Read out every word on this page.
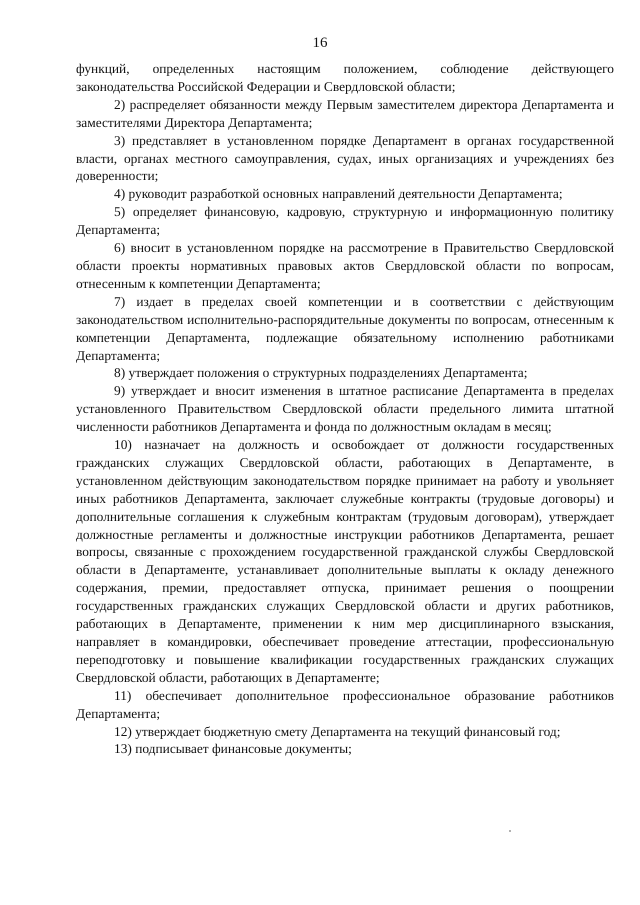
16

функций, определенных настоящим положением, соблюдение действующего законодательства Российской Федерации и Свердловской области;

2) распределяет обязанности между Первым заместителем директора Департамента и заместителями Директора Департамента;

3) представляет в установленном порядке Департамент в органах государственной власти, органах местного самоуправления, судах, иных организациях и учреждениях без доверенности;

4) руководит разработкой основных направлений деятельности Департамента;

5) определяет финансовую, кадровую, структурную и информационную политику Департамента;

6) вносит в установленном порядке на рассмотрение в Правительство Свердловской области проекты нормативных правовых актов Свердловской области по вопросам, отнесенным к компетенции Департамента;

7) издает в пределах своей компетенции и в соответствии с действующим законодательством исполнительно-распорядительные документы по вопросам, отнесенным к компетенции Департамента, подлежащие обязательному исполнению работниками Департамента;

8) утверждает положения о структурных подразделениях Департамента;

9) утверждает и вносит изменения в штатное расписание Департамента в пределах установленного Правительством Свердловской области предельного лимита штатной численности работников Департамента и фонда по должностным окладам в месяц;

10) назначает на должность и освобождает от должности государственных гражданских служащих Свердловской области, работающих в Департаменте, в установленном действующим законодательством порядке принимает на работу и увольняет иных работников Департамента, заключает служебные контракты (трудовые договоры) и дополнительные соглашения к служебным контрактам (трудовым договорам), утверждает должностные регламенты и должностные инструкции работников Департамента, решает вопросы, связанные с прохождением государственной гражданской службы Свердловской области в Департаменте, устанавливает дополнительные выплаты к окладу денежного содержания, премии, предоставляет отпуска, принимает решения о поощрении государственных гражданских служащих Свердловской области и других работников, работающих в Департаменте, применении к ним мер дисциплинарного взыскания, направляет в командировки, обеспечивает проведение аттестации, профессиональную переподготовку и повышение квалификации государственных гражданских служащих Свердловской области, работающих в Департаменте;

11) обеспечивает дополнительное профессиональное образование работников Департамента;

12) утверждает бюджетную смету Департамента на текущий финансовый год;

13) подписывает финансовые документы;
